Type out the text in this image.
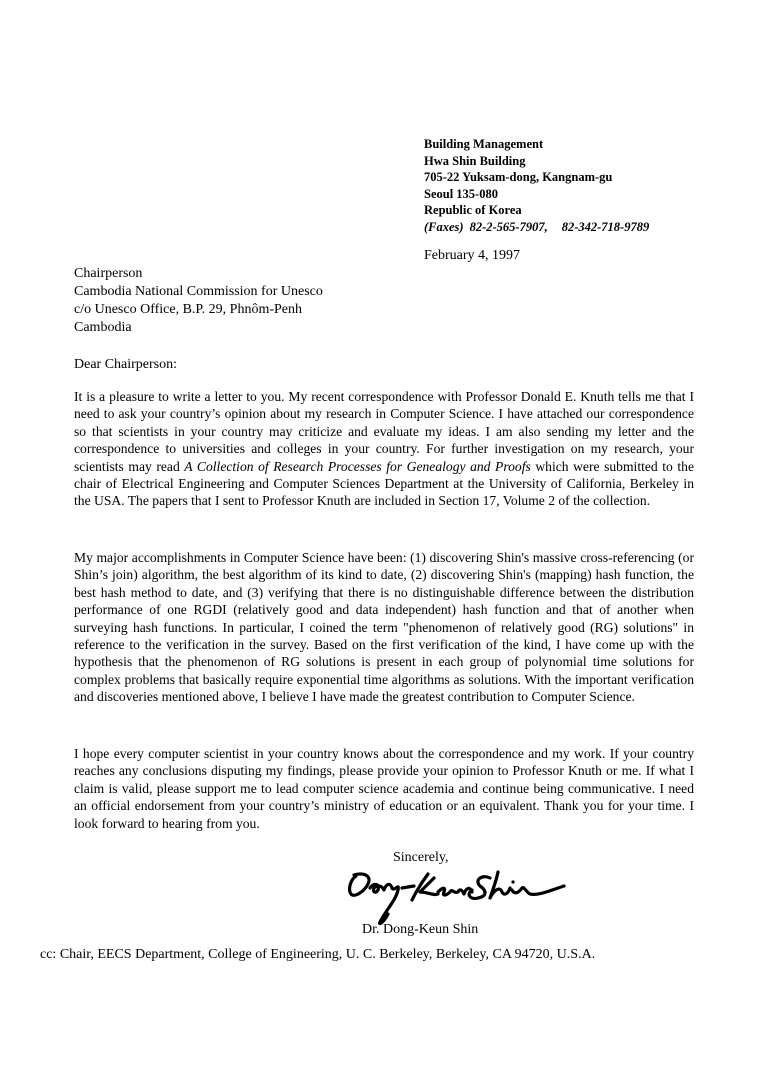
Building Management
Hwa Shin Building
705-22 Yuksam-dong, Kangnam-gu
Seoul 135-080
Republic of Korea
(Faxes) 82-2-565-7907, 82-342-718-9789
February 4, 1997
Chairperson
Cambodia National Commission for Unesco
c/o Unesco Office, B.P. 29, Phnôm-Penh
Cambodia
Dear Chairperson:

It is a pleasure to write a letter to you. My recent correspondence with Professor Donald E. Knuth tells me that I need to ask your country’s opinion about my research in Computer Science. I have attached our correspondence so that scientists in your country may criticize and evaluate my ideas. I am also sending my letter and the correspondence to universities and colleges in your country. For further investigation on my research, your scientists may read A Collection of Research Processes for Genealogy and Proofs which were submitted to the chair of Electrical Engineering and Computer Sciences Department at the University of California, Berkeley in the USA. The papers that I sent to Professor Knuth are included in Section 17, Volume 2 of the collection.

My major accomplishments in Computer Science have been: (1) discovering Shin's massive cross-referencing (or Shin’s join) algorithm, the best algorithm of its kind to date, (2) discovering Shin's (mapping) hash function, the best hash method to date, and (3) verifying that there is no distinguishable difference between the distribution performance of one RGDI (relatively good and data independent) hash function and that of another when surveying hash functions. In particular, I coined the term "phenomenon of relatively good (RG) solutions" in reference to the verification in the survey. Based on the first verification of the kind, I have come up with the hypothesis that the phenomenon of RG solutions is present in each group of polynomial time solutions for complex problems that basically require exponential time algorithms as solutions. With the important verification and discoveries mentioned above, I believe I have made the greatest contribution to Computer Science.

I hope every computer scientist in your country knows about the correspondence and my work. If your country reaches any conclusions disputing my findings, please provide your opinion to Professor Knuth or me. If what I claim is valid, please support me to lead computer science academia and continue being communicative. I need an official endorsement from your country’s ministry of education or an equivalent. Thank you for your time. I look forward to hearing from you.

Sincerely,
Dr. Dong-Keun Shin
cc: Chair, EECS Department, College of Engineering, U. C. Berkeley, Berkeley, CA 94720, U.S.A.
